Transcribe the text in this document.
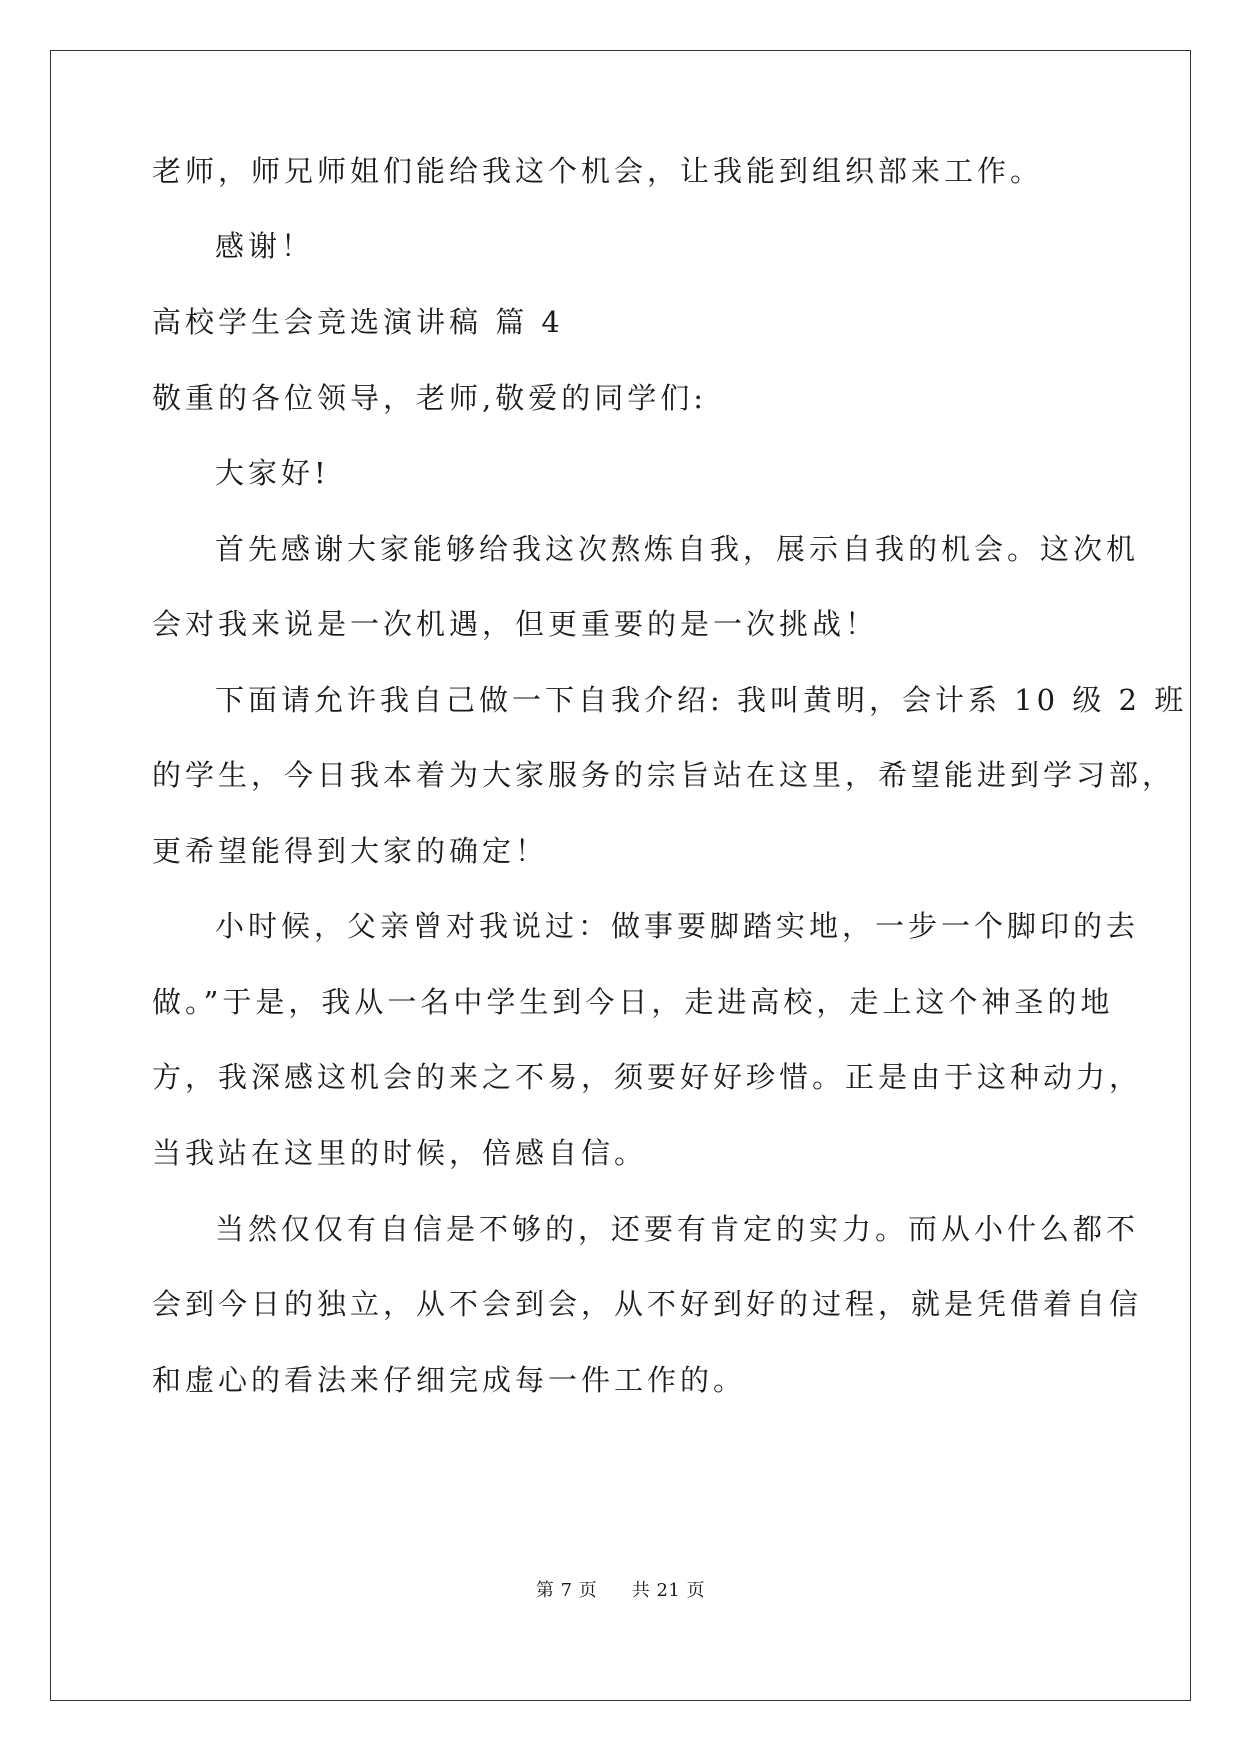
老师，师兄师姐们能给我这个机会，让我能到组织部来工作。
感谢！
高校学生会竞选演讲稿 篇 4
敬重的各位领导，老师,敬爱的同学们:
大家好!
首先感谢大家能够给我这次熬炼自我，展示自我的机会。这次机
会对我来说是一次机遇，但更重要的是一次挑战！
下面请允许我自己做一下自我介绍: 我叫黄明，会计系 10 级 2 班
的学生，今日我本着为大家服务的宗旨站在这里，希望能进到学习部，
更希望能得到大家的确定！
小时候，父亲曾对我说过：做事要脚踏实地，一步一个脚印的去
做。”于是，我从一名中学生到今日，走进高校，走上这个神圣的地
方，我深感这机会的来之不易，须要好好珍惜。正是由于这种动力，
当我站在这里的时候，倍感自信。
当然仅仅有自信是不够的，还要有肯定的实力。而从小什么都不
会到今日的独立，从不会到会，从不好到好的过程，就是凭借着自信
和虚心的看法来仔细完成每一件工作的。
第 7 页 共 21 页
